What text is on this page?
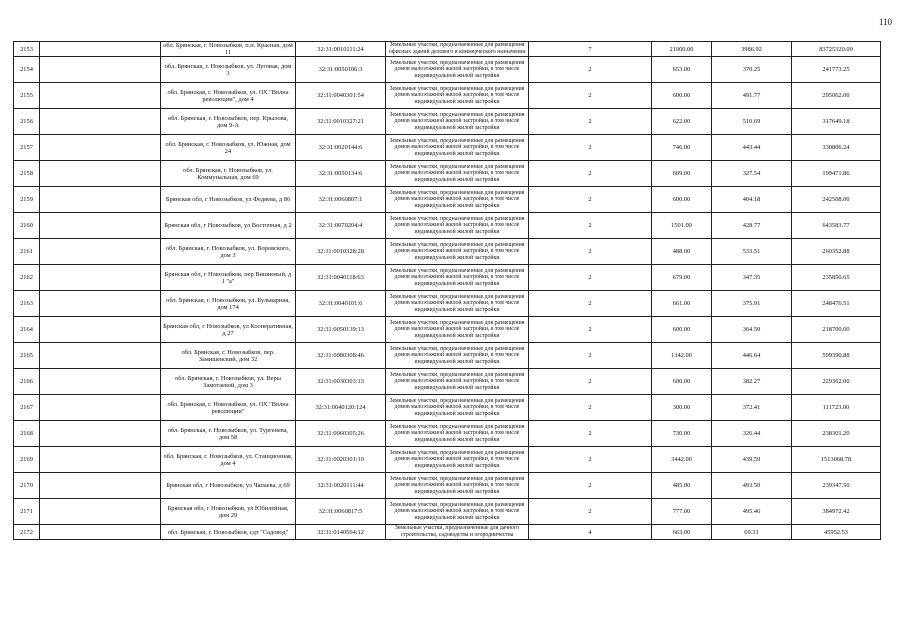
110
2153		обл. Брянская, г. Новозыбков, п.п. Красная, дом 11	32:31:0010111:24	Земельные участки, предназначенные для размещения офисных зданий делового и коммерческого назначения	7	21000.00	3986.92	83725320.00
2154		обл. Брянская, г. Новозыбков, ул. Луговая, дом 3	32:31:0050106:3	Земельные участки, предназначенные для размещения домов малоэтажной жилой застройки, в том числе индивидуальной жилой застройки	2	653.00	370.25	241773.25
2155		обл. Брянская, г. Новозыбков, ул. ОХ "Волна революции", дом 4	32:31:0040301:54	Земельные участки, предназначенные для размещения домов малоэтажной жилой застройки, в том числе индивидуальной жилой застройки	2	600.00	491.77	295062.00
2156		обл. Брянская, г. Новозыбков, пер. Крылова, дом 9-А	32:31:0010327:21	Земельные участки, предназначенные для размещения домов малоэтажной жилой застройки, в том числе индивидуальной жилой застройки	2	622.00	510.69	317649.18
2157		обл. Брянская, г. Новозыбков, ул. Южная, дом 24	32:31:0020144:6	Земельные участки, предназначенные для размещения домов малоэтажной жилой застройки, в том числе индивидуальной жилой застройки	2	746.00	443.44	330806.24
2158		обл. Брянская, г. Новозыбков, ул. Коммунальная, дом 69	32:31:0050134:6	Земельные участки, предназначенные для размещения домов малоэтажной жилой застройки, в том числе индивидуальной жилой застройки	2	609.00	327.54	199471.86
2159		Брянская обл, г Новозыбков, ул Федяева, д 86	32:31:0060807:1	Земельные участки, предназначенные для размещения домов малоэтажной жилой застройки, в том числе индивидуальной жилой застройки	2	600.00	404.18	242508.00
2160		Брянская обл, г Новозыбков, ул Восточная, д 2	32:31:0070204:4	Земельные участки, предназначенные для размещения домов малоэтажной жилой застройки, в том числе индивидуальной жилой застройки	2	1501.00	428.77	643583.77
2161		обл. Брянская, г. Новозыбков, ул. Воровского, дом 3	32:31:0010328:28	Земельные участки, предназначенные для размещения домов малоэтажной жилой застройки, в том числе индивидуальной жилой застройки	2	488.00	533.51	260352.88
2162		Брянская обл, г Новозыбков, пер Вишневый, д 1 "а"	32:31:0040118:63	Земельные участки, предназначенные для размещения домов малоэтажной жилой застройки, в том числе индивидуальной жилой застройки	2	679.00	347.35	235850.65
2163		обл. Брянская, г. Новозыбков, ул. Бульварная, дом 174	32:31:0040101:6	Земельные участки, предназначенные для размещения домов малоэтажной жилой застройки, в том числе индивидуальной жилой застройки	2	661.00	375.91	248476.51
2164		Брянская обл, г Новозыбков, ул Кооперативная, д 27	32:31:0050139:13	Земельные участки, предназначенные для размещения домов малоэтажной жилой застройки, в том числе индивидуальной жилой застройки	2	600.00	364.50	218700.00
2165		обл. Брянская, г. Новозыбков, пер. Замишевский, дом 32	32:31:0080308:46	Земельные участки, предназначенные для размещения домов малоэтажной жилой застройки, в том числе индивидуальной жилой застройки	2	1342.00	446.64	599390.88
2166		обл. Брянская, г. Новозыбков, ул. Веры Замотаевой, дом 3	32:31:0030303:13	Земельные участки, предназначенные для размещения домов малоэтажной жилой застройки, в том числе индивидуальной жилой застройки	2	600.00	382.27	229362.00
2167		обл. Брянская, г. Новозыбков, ул. ОХ "Волна революции"	32:31:0040120:124	Земельные участки, предназначенные для размещения домов малоэтажной жилой застройки, в том числе индивидуальной жилой застройки	2	300.00	372.41	111723.00
2168		обл. Брянская, г. Новозыбков, ул. Тургенева, дом 58	32:31:0060305:26	Земельные участки, предназначенные для размещения домов малоэтажной жилой застройки, в том числе индивидуальной жилой застройки	2	730.00	326.44	238301.20
2169		обл. Брянская, г. Новозыбков, ул. Станционная, дом 4	32:31:0020301:10	Земельные участки, предназначенные для размещения домов малоэтажной жилой застройки, в том числе индивидуальной жилой застройки	2	3442.00	439.59	1513068.78
2170		Брянская обл, г Новозыбков, ул Чапаева, д 69	32:31:0020111:44	Земельные участки, предназначенные для размещения домов малоэтажной жилой застройки, в том числе индивидуальной жилой застройки	2	485.00	493.50	239347.50
2171		Брянская обл, г Новозыбков, ул Юбилейная, дом 29	32:31:0060817:5	Земельные участки, предназначенные для размещения домов малоэтажной жилой застройки, в том числе индивидуальной жилой застройки	2	777.00	495.46	384972.42
2172		обл. Брянская, г. Новозыбков, сдт "Садовод"	32:31:0140504:12	Земельные участки, предназначенные для дачного строительства, садоводства и огородничества	4	663.00	69.31	45952.53
